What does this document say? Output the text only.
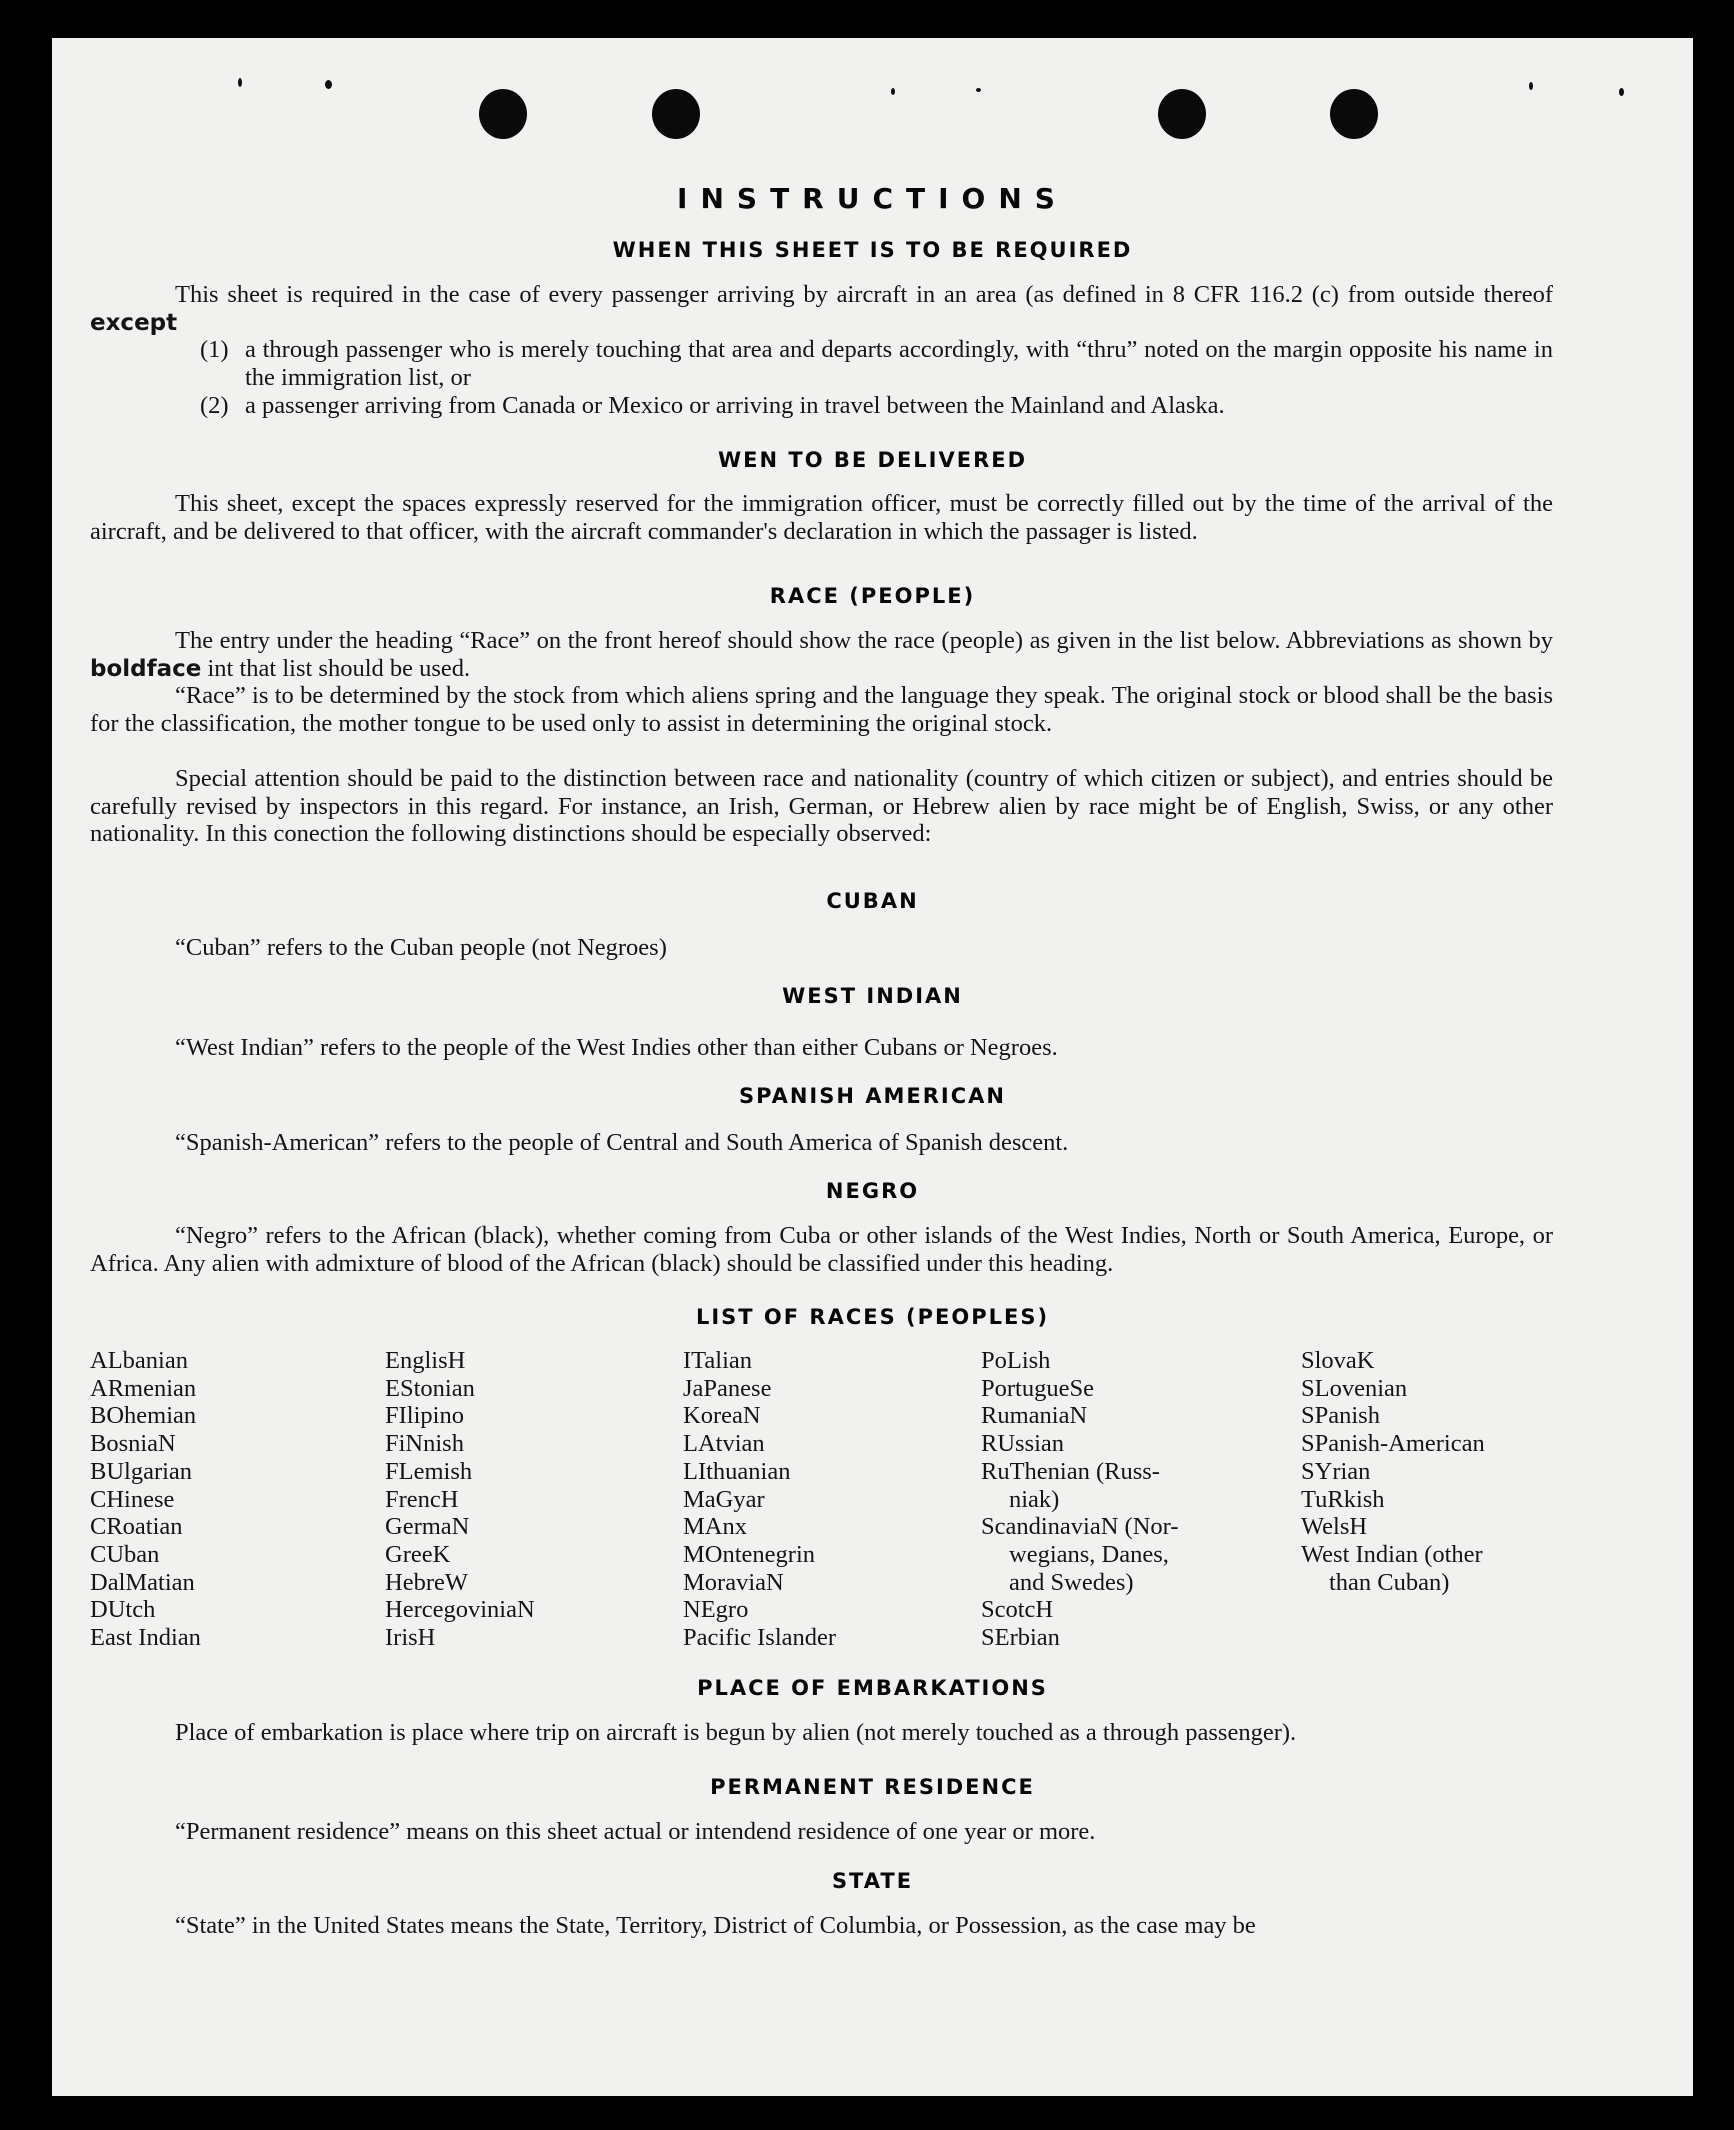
INSTRUCTIONS
WHEN THIS SHEET IS TO BE REQUIRED

This sheet is required in the case of every passenger arriving by aircraft in an area (as defined in 8 CFR 116.2 (c) from outside thereof except

(1) a through passenger who is merely touching that area and departs accordingly, with “thru” noted on the margin opposite his name in the immigration list, or
(2) a passenger arriving from Canada or Mexico or arriving in travel between the Mainland and Alaska.
WEN TO BE DELIVERED

This sheet, except the spaces expressly reserved for the immigration officer, must be correctly filled out by the time of the arrival of the aircraft, and be delivered to that officer, with the aircraft commander's declaration in which the passager is listed.

RACE (PEOPLE)

The entry under the heading “Race” on the front hereof should show the race (people) as given in the list below. Abbreviations as shown by boldface int that list should be used.

“Race” is to be determined by the stock from which aliens spring and the language they speak. The original stock or blood shall be the basis for the classification, the mother tongue to be used only to assist in determining the original stock.

Special attention should be paid to the distinction between race and nationality (country of which citizen or subject), and entries should be carefully revised by inspectors in this regard. For instance, an Irish, German, or Hebrew alien by race might be of English, Swiss, or any other nationality. In this conection the following distinctions should be especially observed:

CUBAN

“Cuban” refers to the Cuban people (not Negroes)

WEST INDIAN

“West Indian” refers to the people of the West Indies other than either Cubans or Negroes.

SPANISH AMERICAN

“Spanish-American” refers to the people of Central and South America of Spanish descent.

NEGRO

“Negro” refers to the African (black), whether coming from Cuba or other islands of the West Indies, North or South America, Europe, or Africa. Any alien with admixture of blood of the African (black) should be classified under this heading.

LIST OF RACES (PEOPLES)
ALbanian
ARmenian
BOhemian
BosniaN
BUlgarian
CHinese
CRoatian
CUban
DalMatian
DUtch
East Indian
EnglisH
EStonian
FIlipino
FiNnish
FLemish
FrencH
GermaN
GreeK
HebreW
HercegoviniaN
IrisH
ITalian
JaPanese
KoreaN
LAtvian
LIthuanian
MaGyar
MAnx
MOntenegrin
MoraviaN
NEgro
Pacific Islander
PoLish
PortugueSe
RumaniaN
RUssian
RuThenian (Russ-
niak)
ScandinaviaN (Nor-
wegians, Danes,
and Swedes)
ScotcH
SErbian
SlovaK
SLovenian
SPanish
SPanish-American
SYrian
TuRkish
WelsH
West Indian (other
than Cuban)
PLACE OF EMBARKATIONS

Place of embarkation is place where trip on aircraft is begun by alien (not merely touched as a through passenger).

PERMANENT RESIDENCE

“Permanent residence” means on this sheet actual or intendend residence of one year or more.

STATE

“State” in the United States means the State, Territory, District of Columbia, or Possession, as the case may be
